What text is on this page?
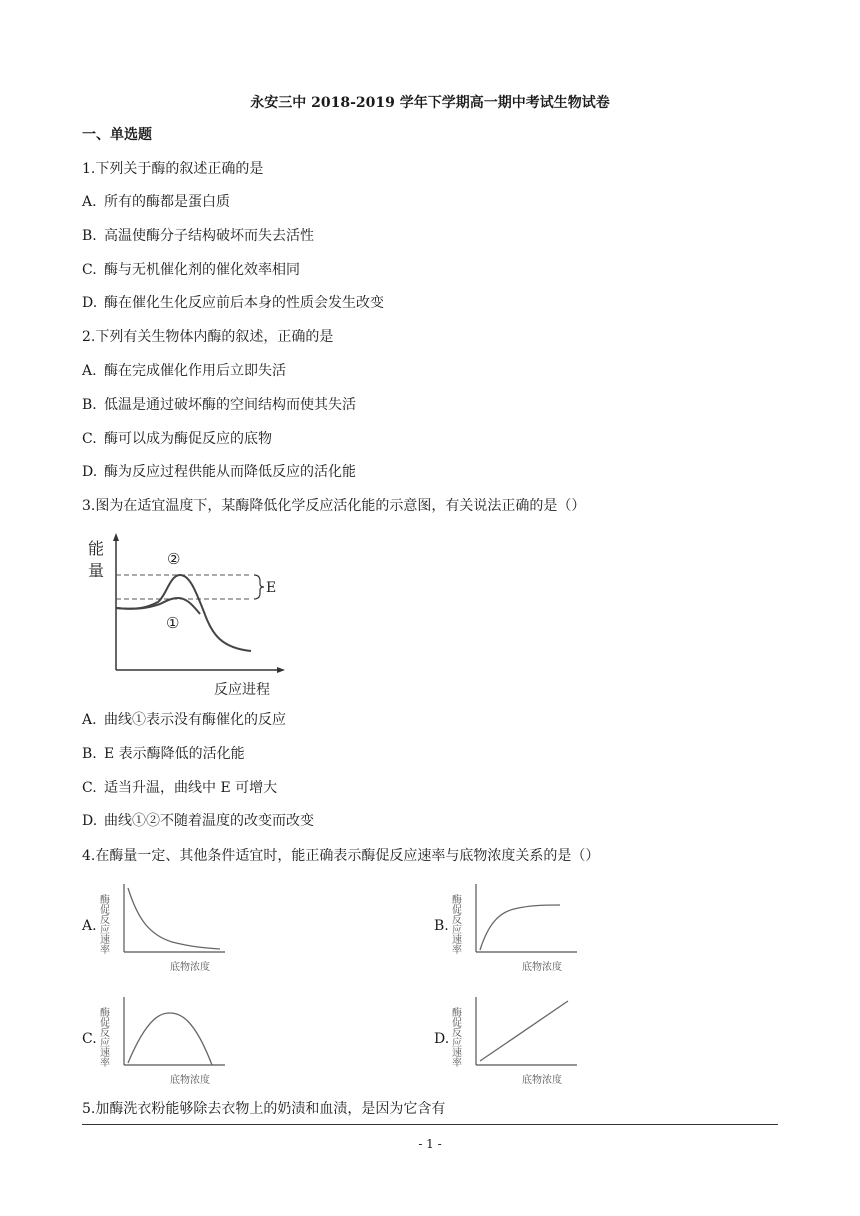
永安三中 2018-2019 学年下学期高一期中考试生物试卷
一、单选题
1.下列关于酶的叙述正确的是
A. 所有的酶都是蛋白质
B. 高温使酶分子结构破坏而失去活性
C. 酶与无机催化剂的催化效率相同
D. 酶在催化生化反应前后本身的性质会发生改变
2.下列有关生物体内酶的叙述，正确的是
A. 酶在完成催化作用后立即失活
B. 低温是通过破坏酶的空间结构而使其失活
C. 酶可以成为酶促反应的底物
D. 酶为反应过程供能从而降低反应的活化能
3.图为在适宜温度下，某酶降低化学反应活化能的示意图，有关说法正确的是（）
E
能
量
②
①
反应进程
A. 曲线①表示没有酶催化的反应
B. E 表示酶降低的活化能
C. 适当升温，曲线中 E 可增大
D. 曲线①②不随着温度的改变而改变
4.在酶量一定、其他条件适宜时，能正确表示酶促反应速率与底物浓度关系的是（）
A. 酶促反应速率
底物浓度
B. 酶促反应速率
底物浓度
C. 酶促反应速率
底物浓度
D. 酶促反应速率
底物浓度
5.加酶洗衣粉能够除去衣物上的奶渍和血渍，是因为它含有
- 1 -
